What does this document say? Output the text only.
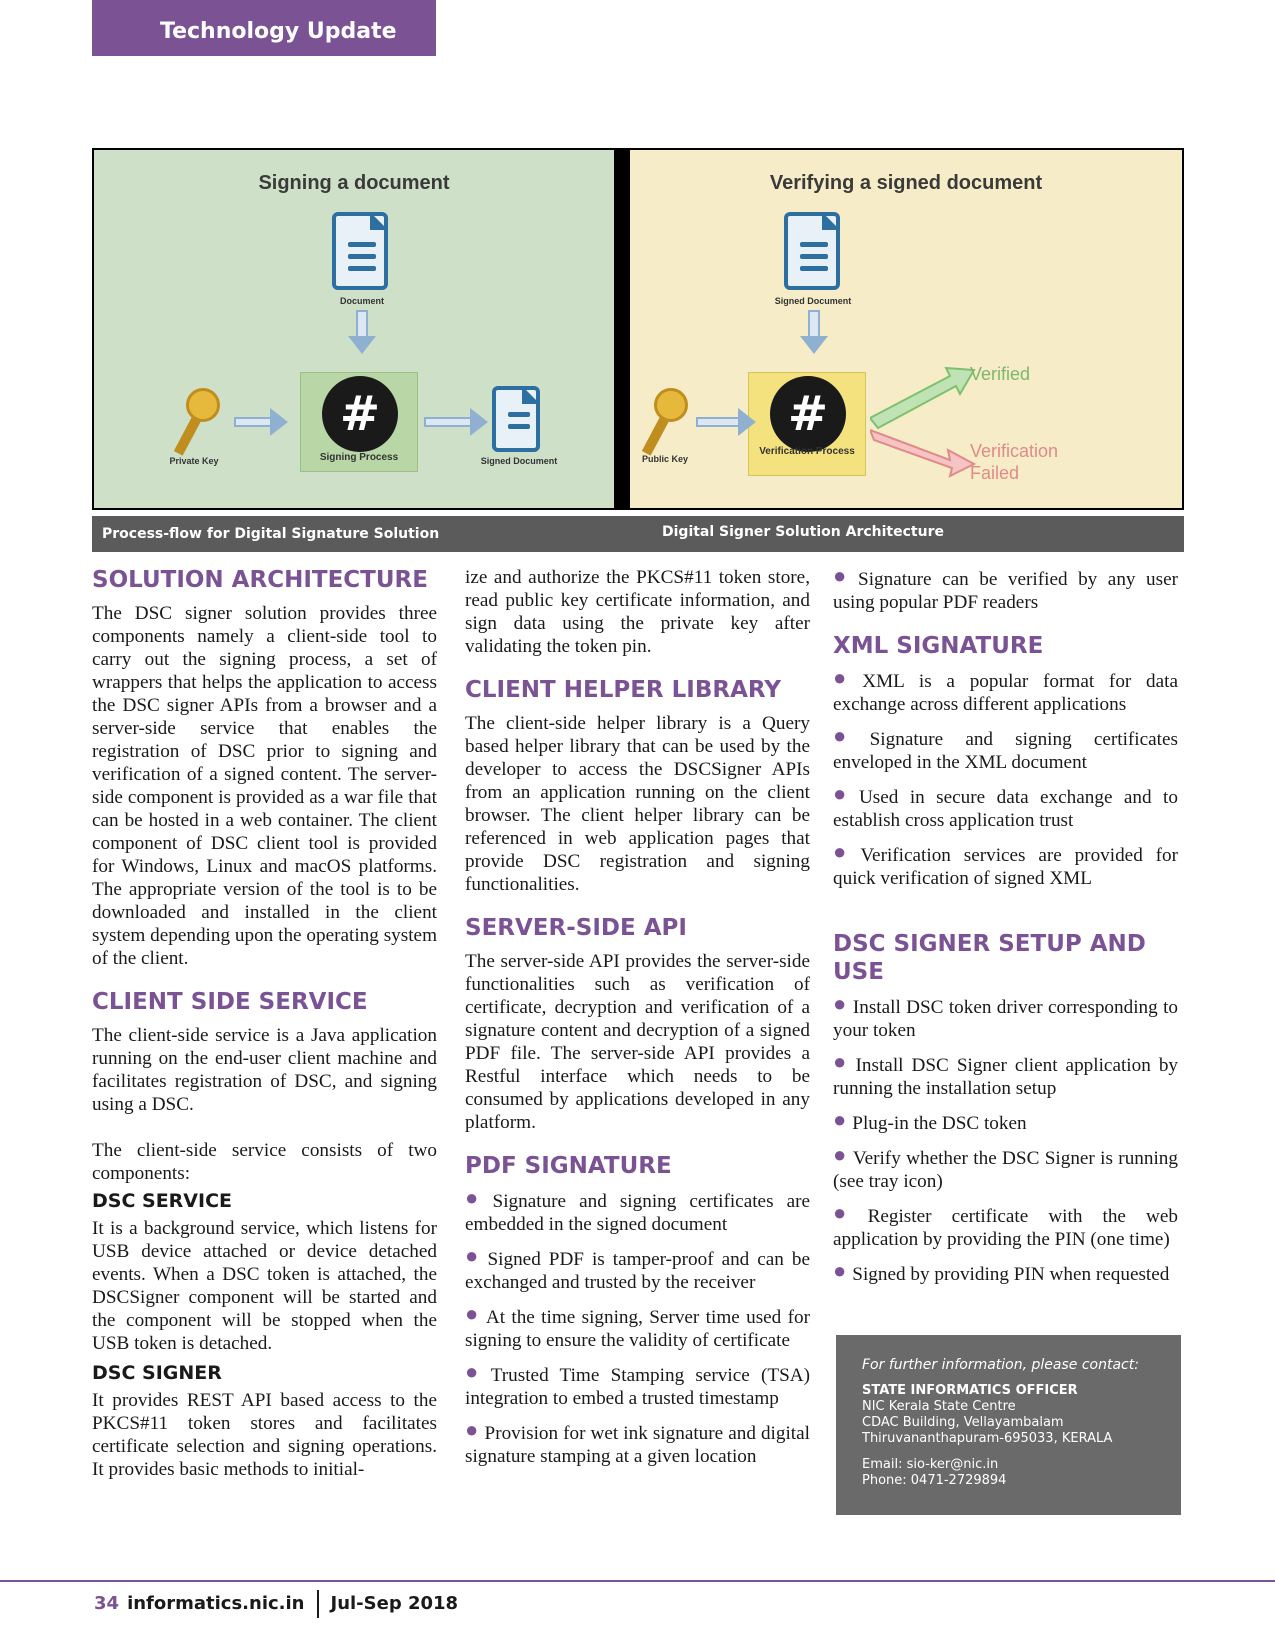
Technology Update
Signing a document
Document
#
Signing Process
Private Key	Signed Document
Verifying a signed document
Signed Document
#
Verification Process
Public Key
Verified
Verification Failed
Process-flow for Digital Signature Solution	Digital Signer Solution Architecture
SOLUTION ARCHITECTURE

The DSC signer solution provides three components namely a client-side tool to carry out the signing process, a set of wrappers that helps the application to access the DSC signer APIs from a browser and a server-side service that enables the registration of DSC prior to signing and verification of a signed content. The server-side component is provided as a war file that can be hosted in a web container. The client component of DSC client tool is provided for Windows, Linux and macOS platforms. The appropriate version of the tool is to be downloaded and installed in the client system depending upon the operating system of the client.

CLIENT SIDE SERVICE

The client-side service is a Java application running on the end-user client machine and facilitates registration of DSC, and signing using a DSC.

The client-side service consists of two components:

DSC SERVICE

It is a background service, which listens for USB device attached or device detached events. When a DSC token is attached, the DSCSigner component will be started and the component will be stopped when the USB token is detached.

DSC SIGNER

It provides REST API based access to the PKCS#11 token stores and facilitates certificate selection and signing operations. It provides basic methods to initial-

ize and authorize the PKCS#11 token store, read public key certificate information, and sign data using the private key after validating the token pin.

CLIENT HELPER LIBRARY

The client-side helper library is a Query based helper library that can be used by the developer to access the DSCSigner APIs from an application running on the client browser. The client helper library can be referenced in web application pages that provide DSC registration and signing functionalities.

SERVER-SIDE API

The server-side API provides the server-side functionalities such as verification of certificate, decryption and verification of a signature content and decryption of a signed PDF file. The server-side API provides a Restful interface which needs to be consumed by applications developed in any platform.

PDF SIGNATURE

● Signature and signing certificates are embedded in the signed document

● Signed PDF is tamper-proof and can be exchanged and trusted by the receiver

● At the time signing, Server time used for signing to ensure the validity of certificate

● Trusted Time Stamping service (TSA) integration to embed a trusted timestamp

● Provision for wet ink signature and digital signature stamping at a given location

● Signature can be verified by any user using popular PDF readers

XML SIGNATURE

● XML is a popular format for data exchange across different applications

● Signature and signing certificates enveloped in the XML document

● Used in secure data exchange and to establish cross application trust

● Verification services are provided for quick verification of signed XML

DSC SIGNER SETUP AND USE

● Install DSC token driver corresponding to your token

● Install DSC Signer client application by running the installation setup

● Plug-in the DSC token

● Verify whether the DSC Signer is running (see tray icon)

● Register certificate with the web application by providing the PIN (one time)

● Signed by providing PIN when requested

For further information, please contact:
STATE INFORMATICS OFFICER
NIC Kerala State Centre
CDAC Building, Vellayambalam
Thiruvananthapuram-695033, KERALA
Email: sio-ker@nic.in
Phone: 0471-2729894
34 informatics.nic.in Jul-Sep 2018
